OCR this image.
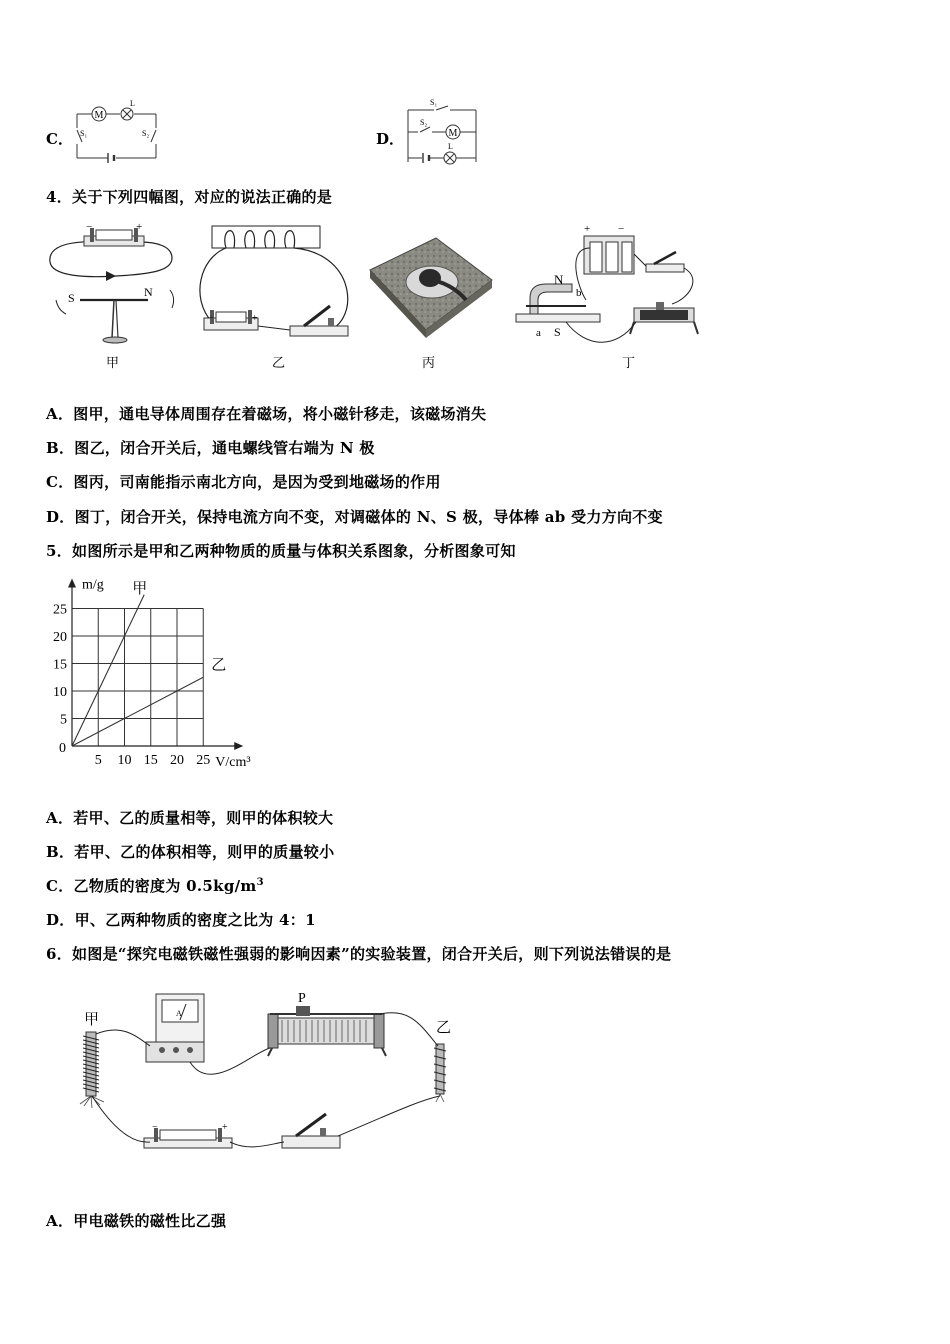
C．
M
L
S₁	S₂	D．	M
L
S₁
S₂
4．关于下列四幅图，对应的说法正确的是
−	+
S	N
甲
−	+
乙	丙
+	−
N
S
a
b
丁
A．图甲，通电导体周围存在着磁场，将小磁针移走，该磁场消失
B．图乙，闭合开关后，通电螺线管右端为 N 极
C．图丙，司南能指示南北方向，是因为受到地磁场的作用
D．图丁，闭合开关，保持电流方向不变，对调磁体的 N、S 极，导体棒 ab 受力方向不变
5．如图所示是甲和乙两种物质的质量与体积关系图象，分析图象可知
5 10 15 20 25
5
10
15
20
25
V/cm³
m/g
0
甲
乙
A．若甲、乙的质量相等，则甲的体积较大
B．若甲、乙的体积相等，则甲的质量较小
C．乙物质的密度为 $0.5kg/m^3$
D．甲、乙两种物质的密度之比为 4：1
6．如图是“探究电磁铁磁性强弱的影响因素”的实验装置，闭合开关后，则下列说法错误的是
甲	乙
P
A
−	+
A．甲电磁铁的磁性比乙强
